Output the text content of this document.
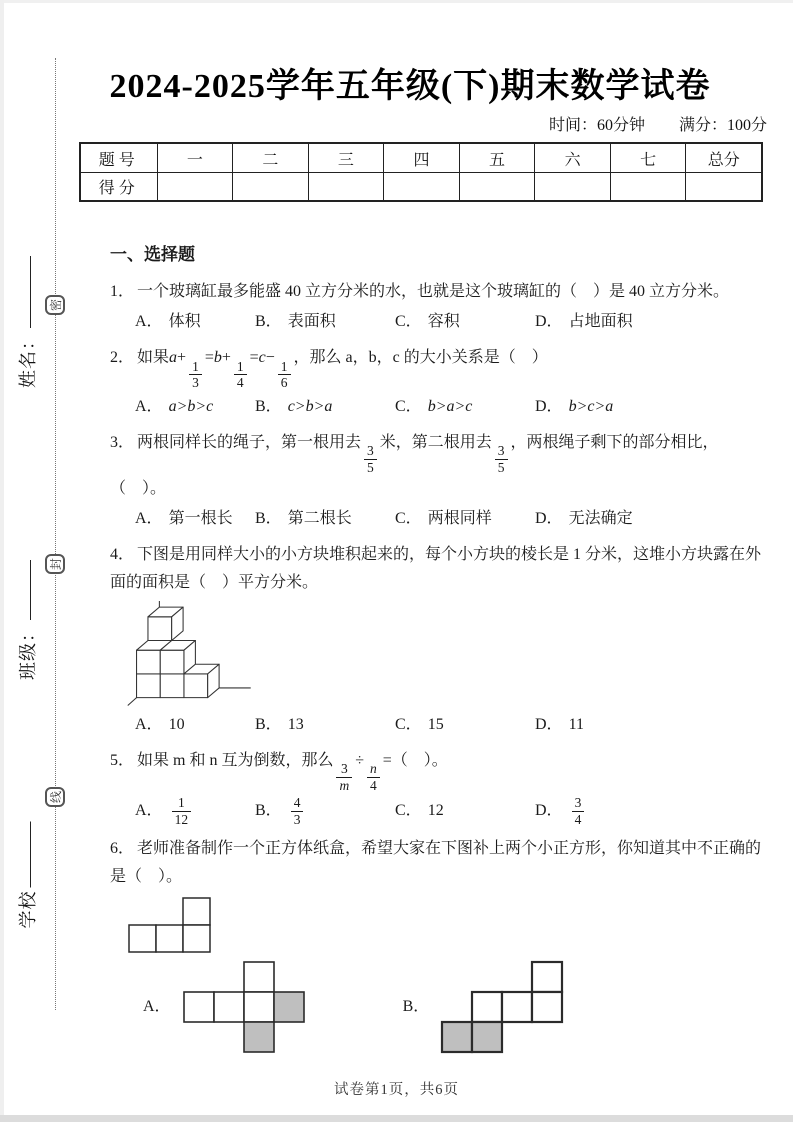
密
封
线
姓名：
班级：
学校
2024-2025学年五年级(下)期末数学试卷
时间：60分钟 满分：100分
题号	一	二	三	四	五	六	七	总分
得分
一、选择题
1． 一个玻璃缸最多能盛 40 立方分米的水，也就是这个玻璃缸的（　）是 40 立方分米。
A． 体积	B． 表面积	C． 容积	D． 占地面积
2． 如果a+
$\frac{1}{3}$
=b+
$\frac{1}{4}$
=c−
$\frac{1}{6}$
，那么 a，b，c 的大小关系是（　）
A． a>b>c	B． c>b>a	C． b>a>c	D． b>c>a
3． 两根同样长的绳子，第一根用去
$\frac{3}{5}$
米，第二根用去
$\frac{3}{5}$
，两根绳子剩下的部分相比，（　）。
A． 第一根长 B． 第二根长	C． 两根同样	D． 无法确定
4． 下图是用同样大小的小方块堆积起来的，每个小方块的棱长是 1 分米，这堆小方块露在外面的面积是（　）平方分米。
A． 10	B． 13	C． 15	D． 11
5． 如果 m 和 n 互为倒数，那么
$\frac{3}{m}$
÷
$\frac{n}{4}$
=（　）。
A． $\frac{1}{12}$	B． $\frac{4}{3}$	C． 12	D． $\frac{3}{4}$
6． 老师准备制作一个正方体纸盒，希望大家在下图补上两个小正方形，你知道其中不正确的是（　）。
A．	B．
试卷第1页，共6页
